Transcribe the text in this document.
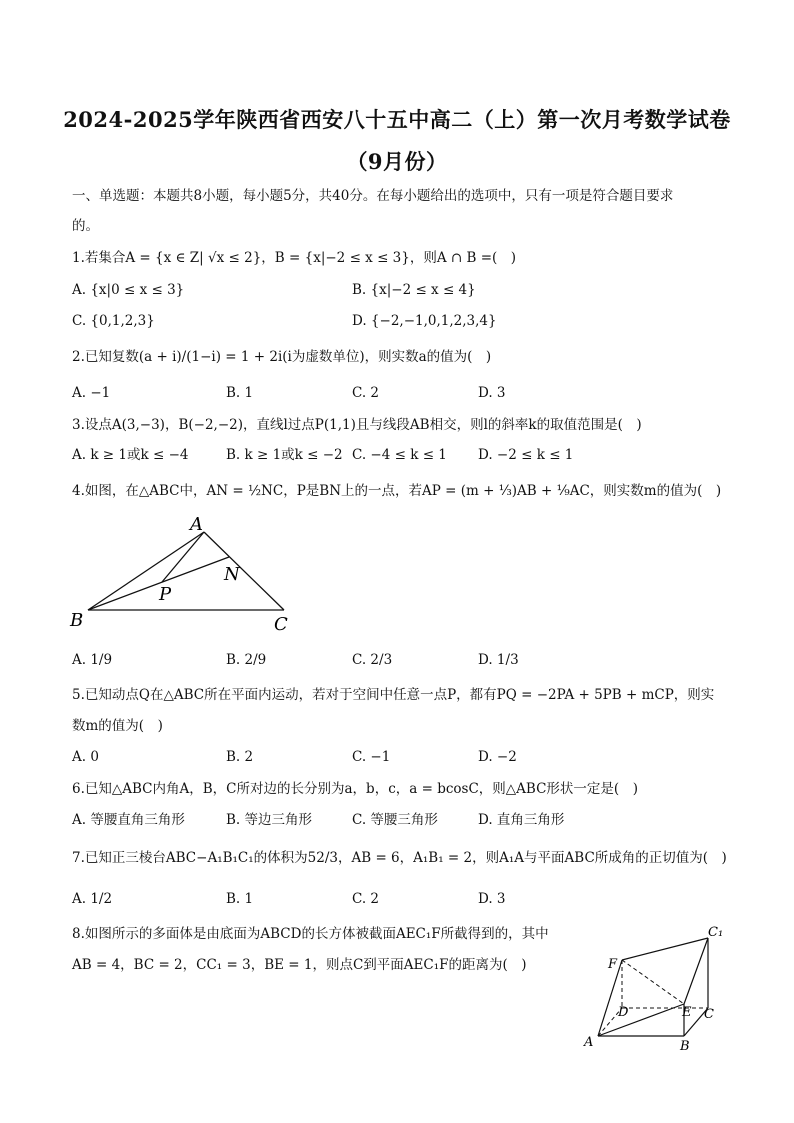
2024-2025学年陕西省西安八十五中高二（上）第一次月考数学试卷
（9月份）
一、单选题：本题共8小题，每小题5分，共40分。在每小题给出的选项中，只有一项是符合题目要求
的。
1.若集合A = {x ∈ Z| √x ≤ 2}，B = {x|−2 ≤ x ≤ 3}，则A ∩ B =(　)
A. {x|0 ≤ x ≤ 3}	B. {x|−2 ≤ x ≤ 4}
C. {0,1,2,3}	D. {−2,−1,0,1,2,3,4}
2.已知复数(a + i)/(1−i) = 1 + 2i(i为虚数单位)，则实数a的值为(　)
A. −1	B. 1	C. 2	D. 3
3.设点A(3,−3)，B(−2,−2)，直线l过点P(1,1)且与线段AB相交，则l的斜率k的取值范围是(　)
A. k ≥ 1或k ≤ −4	B. k ≥ 1或k ≤ −2 C. −4 ≤ k ≤ 1 D. −2 ≤ k ≤ 1
4.如图，在△ABC中，AN = ½NC，P是BN上的一点，若AP = (m + ⅓)AB + ⅑AC，则实数m的值为(　)
A
B	C
N
P
A. 1/9	B. 2/9	C. 2/3	D. 1/3
5.已知动点Q在△ABC所在平面内运动，若对于空间中任意一点P，都有PQ = −2PA + 5PB + mCP，则实
数m的值为(　)
A. 0	B. 2	C. −1	D. −2
6.已知△ABC内角A，B，C所对边的长分别为a，b，c，a = bcosC，则△ABC形状一定是(　)
A. 等腰直角三角形	B. 等边三角形	C. 等腰三角形	D. 直角三角形
7.已知正三棱台ABC−A₁B₁C₁的体积为52/3，AB = 6，A₁B₁ = 2，则A₁A与平面ABC所成角的正切值为(　)
A. 1/2	B. 1	C. 2	D. 3
8.如图所示的多面体是由底面为ABCD的长方体被截面AEC₁F所截得到的，其中
AB = 4，BC = 2，CC₁ = 3，BE = 1，则点C到平面AEC₁F的距离为(　)
C₁
F
D	E C
A	B
